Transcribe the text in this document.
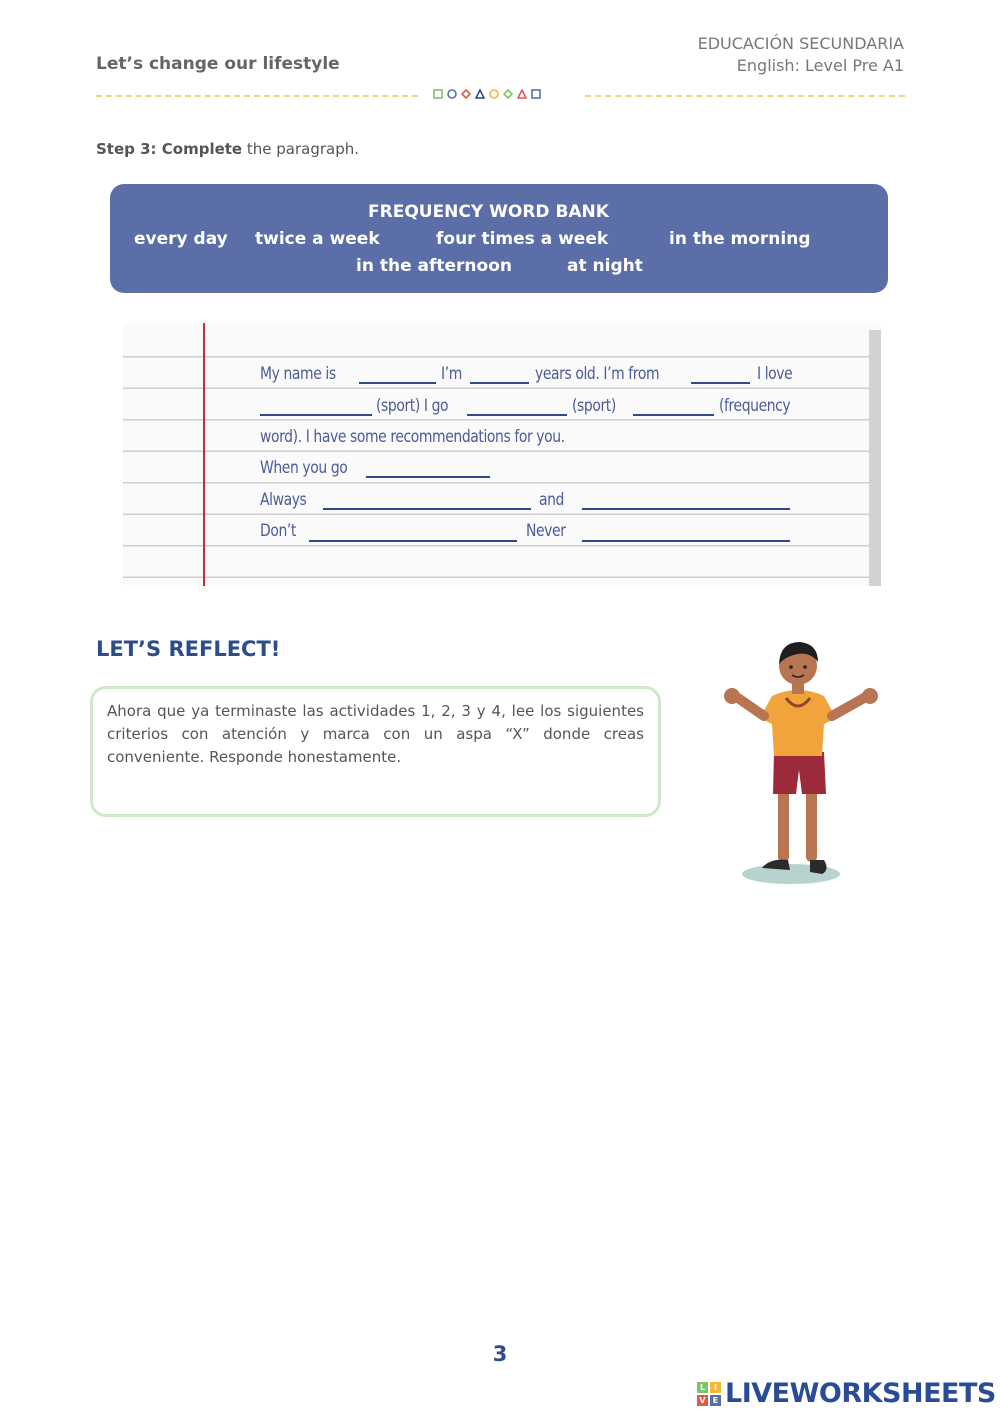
Let’s change our lifestyle
EDUCACIÓN SECUNDARIA
English: Level Pre A1
Step 3: Complete the paragraph.
FREQUENCY WORD BANK
every day twice a week	four times a week	in the morning
in the afternoon	at night
My name is	I’m	years old. I’m from	I love
(sport) I go	(sport)	(frequency
word). I have some recommendations for you.
When you go
Always	and
Don’t	Never
LET’S REFLECT!
Ahora que ya terminaste las actividades 1, 2, 3 y 4, lee los siguientes criterios con atención y marca con un aspa “X” donde creas conveniente. Responde honestamente.
3
L	I
V E LIVEWORKSHEETS
